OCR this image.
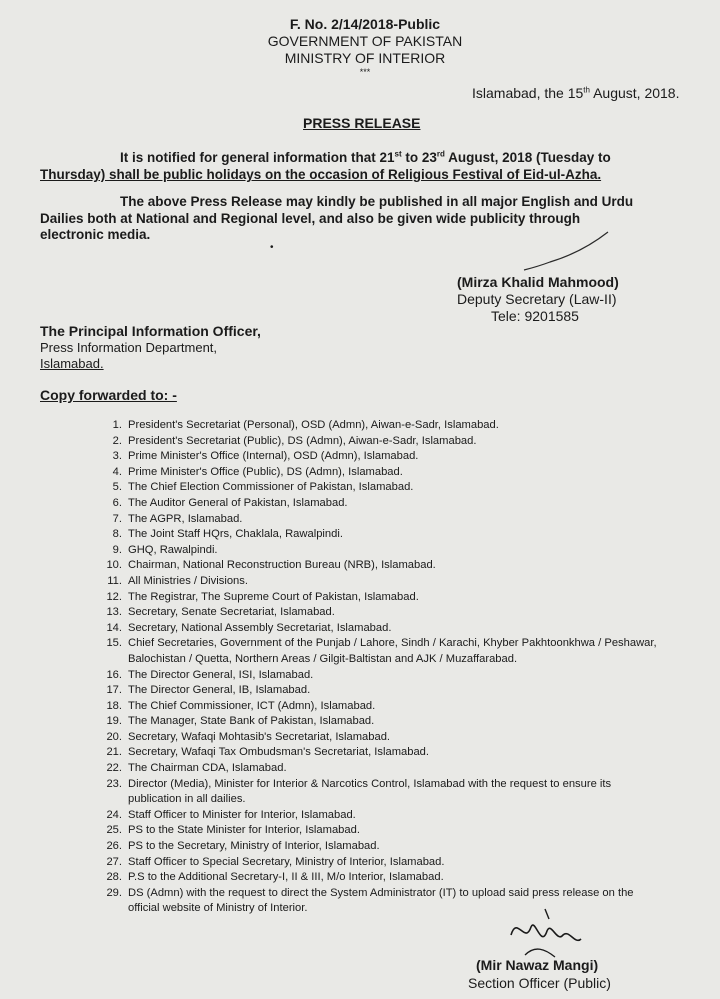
F. No. 2/14/2018-Public
GOVERNMENT OF PAKISTAN
MINISTRY OF INTERIOR
***
Islamabad, the 15th August, 2018.
PRESS RELEASE
It is notified for general information that 21st to 23rd August, 2018 (Tuesday to
Thursday) shall be public holidays on the occasion of Religious Festival of Eid-ul-Azha.
The above Press Release may kindly be published in all major English and Urdu
Dailies both at National and Regional level, and also be given wide publicity through
electronic media.
•
(Mirza Khalid Mahmood)
Deputy Secretary (Law-II)
Tele: 9201585
The Principal Information Officer,
Press Information Department,
Islamabad.
Copy forwarded to: -
1. President's Secretariat (Personal), OSD (Admn), Aiwan-e-Sadr, Islamabad.
2. President's Secretariat (Public), DS (Admn), Aiwan-e-Sadr, Islamabad.
3. Prime Minister's Office (Internal), OSD (Admn), Islamabad.
4. Prime Minister's Office (Public), DS (Admn), Islamabad.
5. The Chief Election Commissioner of Pakistan, Islamabad.
6. The Auditor General of Pakistan, Islamabad.
7. The AGPR, Islamabad.
8. The Joint Staff HQrs, Chaklala, Rawalpindi.
9. GHQ, Rawalpindi.
10. Chairman, National Reconstruction Bureau (NRB), Islamabad.
11. All Ministries / Divisions.
12. The Registrar, The Supreme Court of Pakistan, Islamabad.
13. Secretary, Senate Secretariat, Islamabad.
14. Secretary, National Assembly Secretariat, Islamabad.
15. Chief Secretaries, Government of the Punjab / Lahore, Sindh / Karachi, Khyber Pakhtoonkhwa / Peshawar, Balochistan / Quetta, Northern Areas / Gilgit-Baltistan and AJK / Muzaffarabad.
16. The Director General, ISI, Islamabad.
17. The Director General, IB, Islamabad.
18. The Chief Commissioner, ICT (Admn), Islamabad.
19. The Manager, State Bank of Pakistan, Islamabad.
20. Secretary, Wafaqi Mohtasib's Secretariat, Islamabad.
21. Secretary, Wafaqi Tax Ombudsman's Secretariat, Islamabad.
22. The Chairman CDA, Islamabad.
23. Director (Media), Minister for Interior & Narcotics Control, Islamabad with the request to ensure its publication in all dailies.
24. Staff Officer to Minister for Interior, Islamabad.
25. PS to the State Minister for Interior, Islamabad.
26. PS to the Secretary, Ministry of Interior, Islamabad.
27. Staff Officer to Special Secretary, Ministry of Interior, Islamabad.
28. P.S to the Additional Secretary-I, II & III, M/o Interior, Islamabad.
29. DS (Admn) with the request to direct the System Administrator (IT) to upload said press release on the official website of Ministry of Interior.
(Mir Nawaz Mangi)
Section Officer (Public)
